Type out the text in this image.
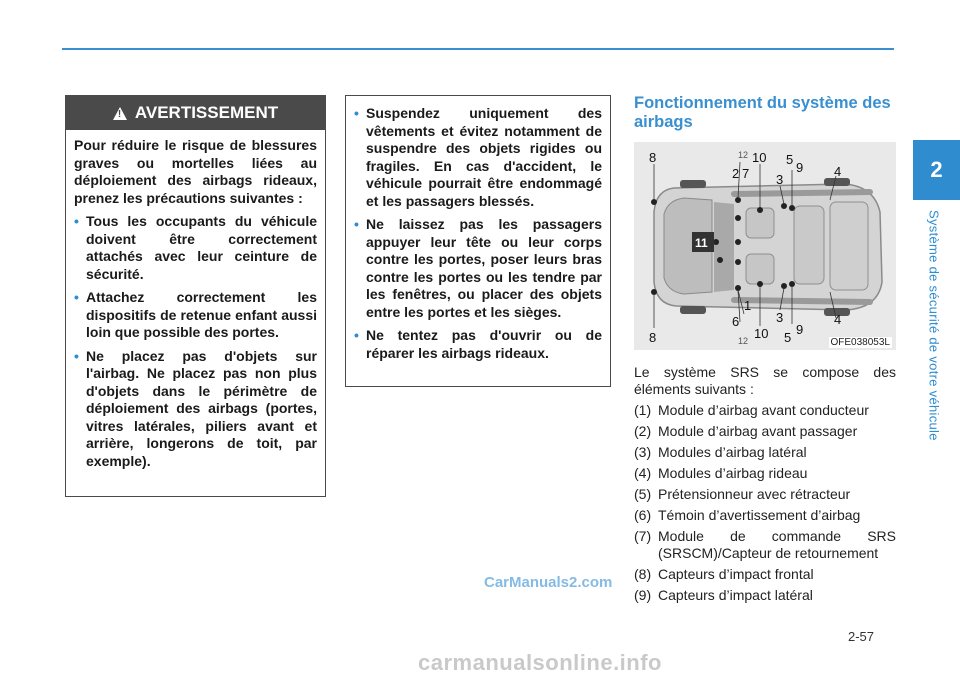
2
Système de sécurité de votre véhicule
! AVERTISSEMENT

Pour réduire le risque de blessures graves ou mortelles liées au déploiement des airbags rideaux, prenez les précautions suivantes :

• Tous les occupants du véhicule doivent être correctement attachés avec leur ceinture de sécurité.
• Attachez correctement les dispositifs de retenue enfant aussi loin que possible des portes.
• Ne placez pas d'objets sur l'airbag. Ne placez pas non plus d'objets dans le périmètre de déploiement des airbags (portes, vitres latérales, piliers avant et arrière, longerons de toit, par exemple).
• Suspendez uniquement des vêtements et évitez notamment de suspendre des objets rigides ou fragiles. En cas d'accident, le véhicule pourrait être endommagé et les passagers blessés.
• Ne laissez pas les passagers appuyer leur tête ou leur corps contre les portes, poser leurs bras contre les portes ou les tendre par les fenêtres, ou placer des objets entre les portes et les sièges.
• Ne tentez pas d'ouvrir ou de réparer les airbags rideaux.
Fonctionnement du système des airbags
8	12 10
2 7
5
9
3
4
11
8
1
6
12 10
3
5
9
4
OFE038053L

Le système SRS se compose des éléments suivants :

(1) Module d’airbag avant conducteur
(2) Module d’airbag avant passager
(3) Modules d’airbag latéral
(4) Modules d’airbag rideau
(5) Prétensionneur avec rétracteur
(6) Témoin d’avertissement d’airbag
(7) Module de commande SRS (SRSCM)/Capteur de retournement
(8) Capteurs d’impact frontal
(9) Capteurs d’impact latéral
CarManuals2.com
2-57
carmanualsonline.info
